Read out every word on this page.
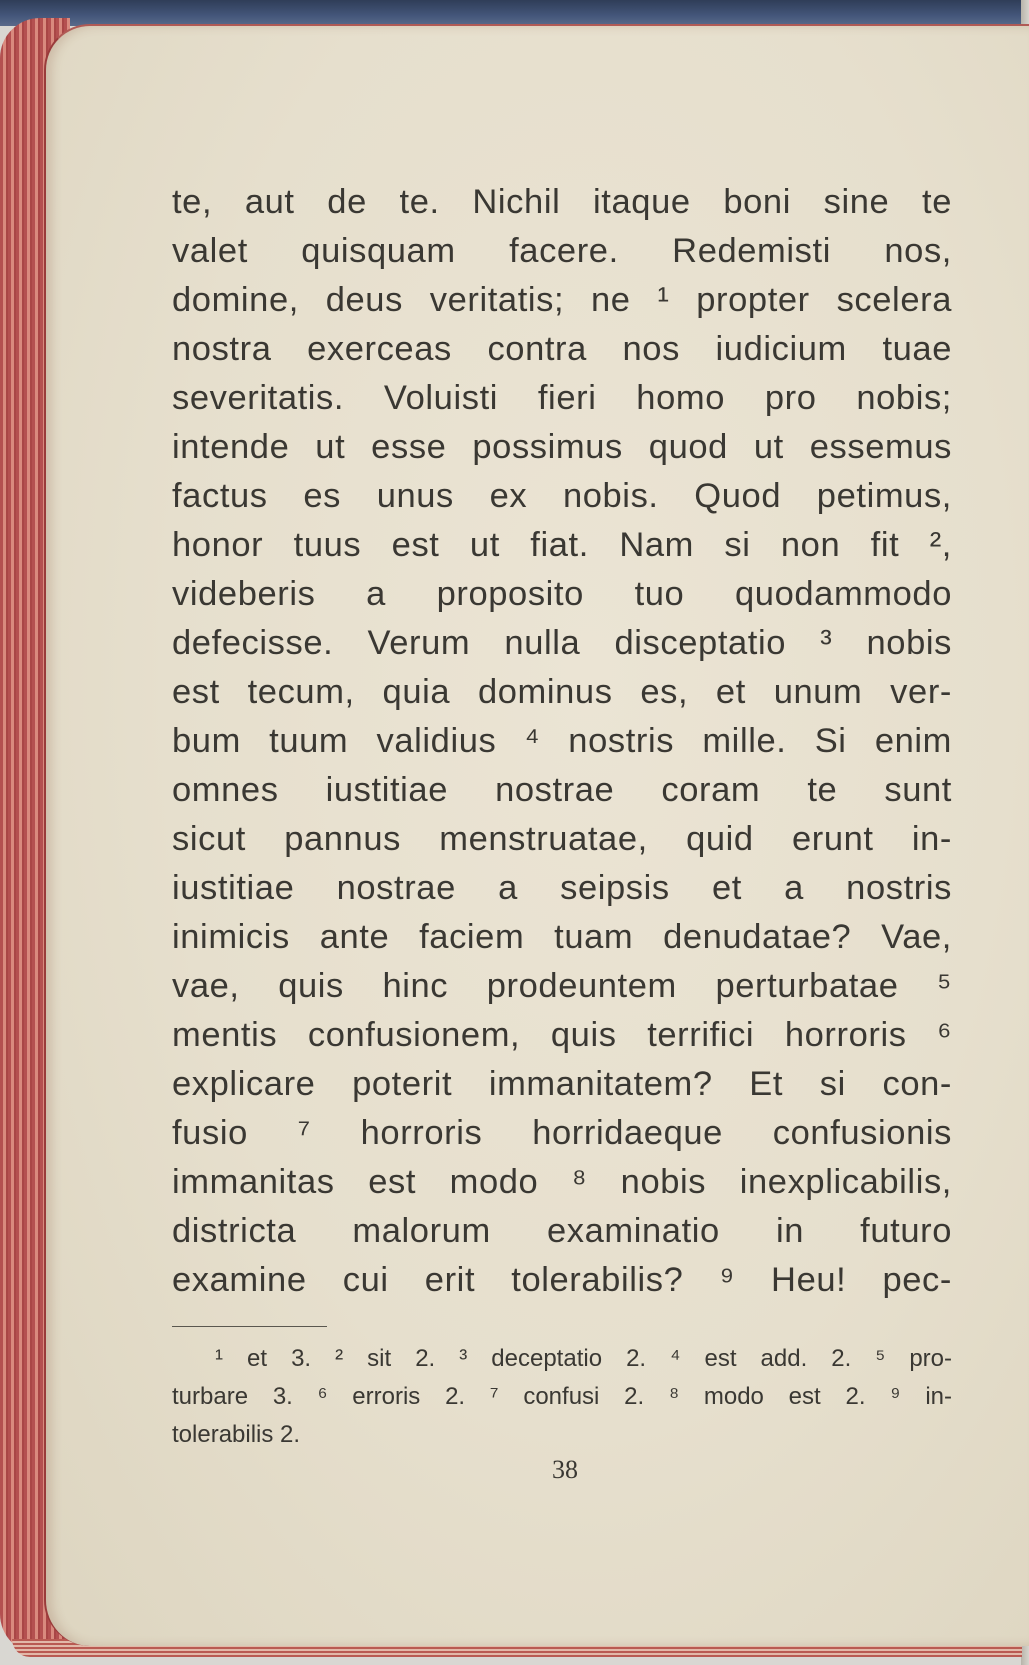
te, aut de te. Nichil itaque boni sine te
valet quisquam facere. Redemisti nos,
domine, deus veritatis; ne ¹ propter scelera
nostra exerceas contra nos iudicium tuae
severitatis. Voluisti fieri homo pro nobis;
intende ut esse possimus quod ut essemus
factus es unus ex nobis. Quod petimus,
honor tuus est ut fiat. Nam si non fit ²,
videberis a proposito tuo quodammodo
defecisse. Verum nulla disceptatio ³ nobis
est tecum, quia dominus es, et unum ver-
bum tuum validius ⁴ nostris mille. Si enim
omnes iustitiae nostrae coram te sunt
sicut pannus menstruatae, quid erunt in-
iustitiae nostrae a seipsis et a nostris
inimicis ante faciem tuam denudatae? Vae,
vae, quis hinc prodeuntem perturbatae ⁵
mentis confusionem, quis terrifici horroris ⁶
explicare poterit immanitatem? Et si con-
fusio ⁷ horroris horridaeque confusionis
immanitas est modo ⁸ nobis inexplicabilis,
districta malorum examinatio in futuro
examine cui erit tolerabilis? ⁹ Heu! pec-
¹ et 3. ² sit 2. ³ deceptatio 2. ⁴ est add. 2. ⁵ pro-
turbare 3. ⁶ erroris 2. ⁷ confusi 2. ⁸ modo est 2. ⁹ in-
tolerabilis 2.
38
